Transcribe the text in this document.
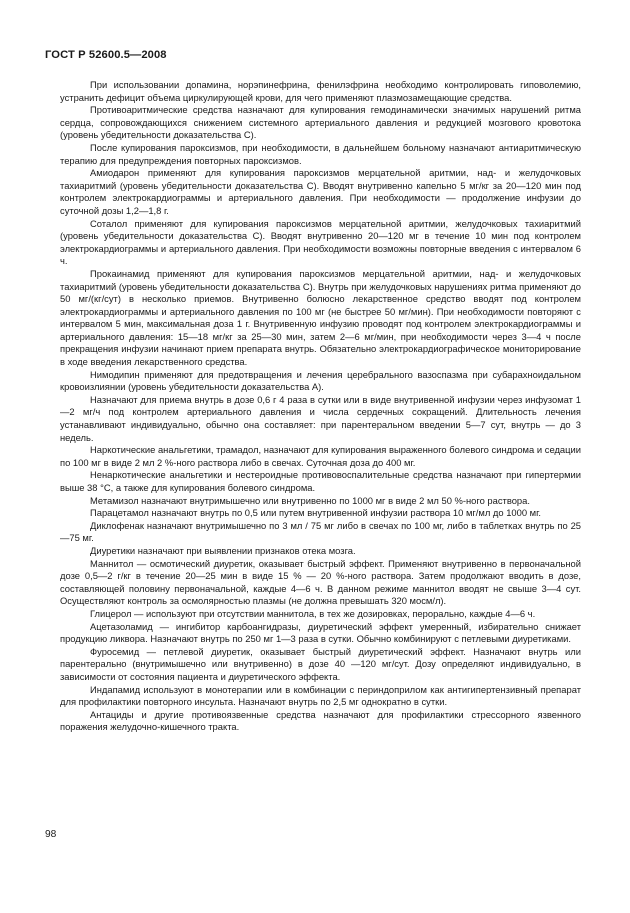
ГОСТ Р 52600.5—2008

При использовании допамина, норэпинефрина, фенилэфрина необходимо контролировать гиповолемию, устранить дефицит объема циркулирующей крови, для чего применяют плазмозамещающие средства.

Противоаритмические средства назначают для купирования гемодинамически значимых нарушений ритма сердца, сопровождающихся снижением системного артериального давления и редукцией мозгового кровотока (уровень убедительности доказательства С).

После купирования пароксизмов, при необходимости, в дальнейшем больному назначают антиаритмическую терапию для предупреждения повторных пароксизмов.

Амиодарон применяют для купирования пароксизмов мерцательной аритмии, над- и желудочковых тахиаритмий (уровень убедительности доказательства С). Вводят внутривенно капельно 5 мг/кг за 20—120 мин под контролем электрокардиограммы и артериального давления. При необходимости — продолжение инфузии до суточной дозы 1,2—1,8 г.

Соталол применяют для купирования пароксизмов мерцательной аритмии, желудочковых тахиаритмий (уровень убедительности доказательства С). Вводят внутривенно 20—120 мг в течение 10 мин под контролем электрокардиограммы и артериального давления. При необходимости возможны повторные введения с интервалом 6 ч.

Прокаинамид применяют для купирования пароксизмов мерцательной аритмии, над- и желудочковых тахиаритмий (уровень убедительности доказательства С). Внутрь при желудочковых нарушениях ритма применяют до 50 мг/(кг/сут) в несколько приемов. Внутривенно болюсно лекарственное средство вводят под контролем электрокардиограммы и артериального давления по 100 мг (не быстрее 50 мг/мин). При необходимости повторяют с интервалом 5 мин, максимальная доза 1 г. Внутривенную инфузию проводят под контролем электрокардиограммы и артериального давления: 15—18 мг/кг за 25—30 мин, затем 2—6 мг/мин, при необходимости через 3—4 ч после прекращения инфузии начинают прием препарата внутрь. Обязательно электрокардиографическое мониторирование в ходе введения лекарственного средства.

Нимодипин применяют для предотвращения и лечения церебрального вазоспазма при субарахноидальном кровоизлиянии (уровень убедительности доказательства А).

Назначают для приема внутрь в дозе 0,6 г 4 раза в сутки или в виде внутривенной инфузии через инфузомат 1—2 мг/ч под контролем артериального давления и числа сердечных сокращений. Длительность лечения устанавливают индивидуально, обычно она составляет: при парентеральном введении 5—7 сут, внутрь — до 3 недель.

Наркотические анальгетики, трамадол, назначают для купирования выраженного болевого синдрома и седации по 100 мг в виде 2 мл 2 %-ного раствора либо в свечах. Суточная доза до 400 мг.

Ненаркотические анальгетики и нестероидные противовоспалительные средства назначают при гипертермии выше 38 °С, а также для купирования болевого синдрома.

Метамизол назначают внутримышечно или внутривенно по 1000 мг в виде 2 мл 50 %-ного раствора.

Парацетамол назначают внутрь по 0,5 или путем внутривенной инфузии раствора 10 мг/мл до 1000 мг.

Диклофенак назначают внутримышечно по 3 мл / 75 мг либо в свечах по 100 мг, либо в таблетках внутрь по 25—75 мг.

Диуретики назначают при выявлении признаков отека мозга.

Маннитол — осмотический диуретик, оказывает быстрый эффект. Применяют внутривенно в первоначальной дозе 0,5—2 г/кг в течение 20—25 мин в виде 15 % — 20 %-ного раствора. Затем продолжают вводить в дозе, составляющей половину первоначальной, каждые 4—6 ч. В данном режиме маннитол вводят не свыше 3—4 сут. Осуществляют контроль за осмолярностью плазмы (не должна превышать 320 мосм/л).

Глицерол — используют при отсутствии маннитола, в тех же дозировках, перорально, каждые 4—6 ч.

Ацетазоламид — ингибитор карбоангидразы, диуретический эффект умеренный, избирательно снижает продукцию ликвора. Назначают внутрь по 250 мг 1—3 раза в сутки. Обычно комбинируют с петлевыми диуретиками.

Фуросемид — петлевой диуретик, оказывает быстрый диуретический эффект. Назначают внутрь или парентерально (внутримышечно или внутривенно) в дозе 40 —120 мг/сут. Дозу определяют индивидуально, в зависимости от состояния пациента и диуретического эффекта.

Индапамид используют в монотерапии или в комбинации с периндоприлом как антигипертензивный препарат для профилактики повторного инсульта. Назначают внутрь по 2,5 мг однократно в сутки.

Антациды и другие противоязвенные средства назначают для профилактики стрессорного язвенного поражения желудочно-кишечного тракта.

98
